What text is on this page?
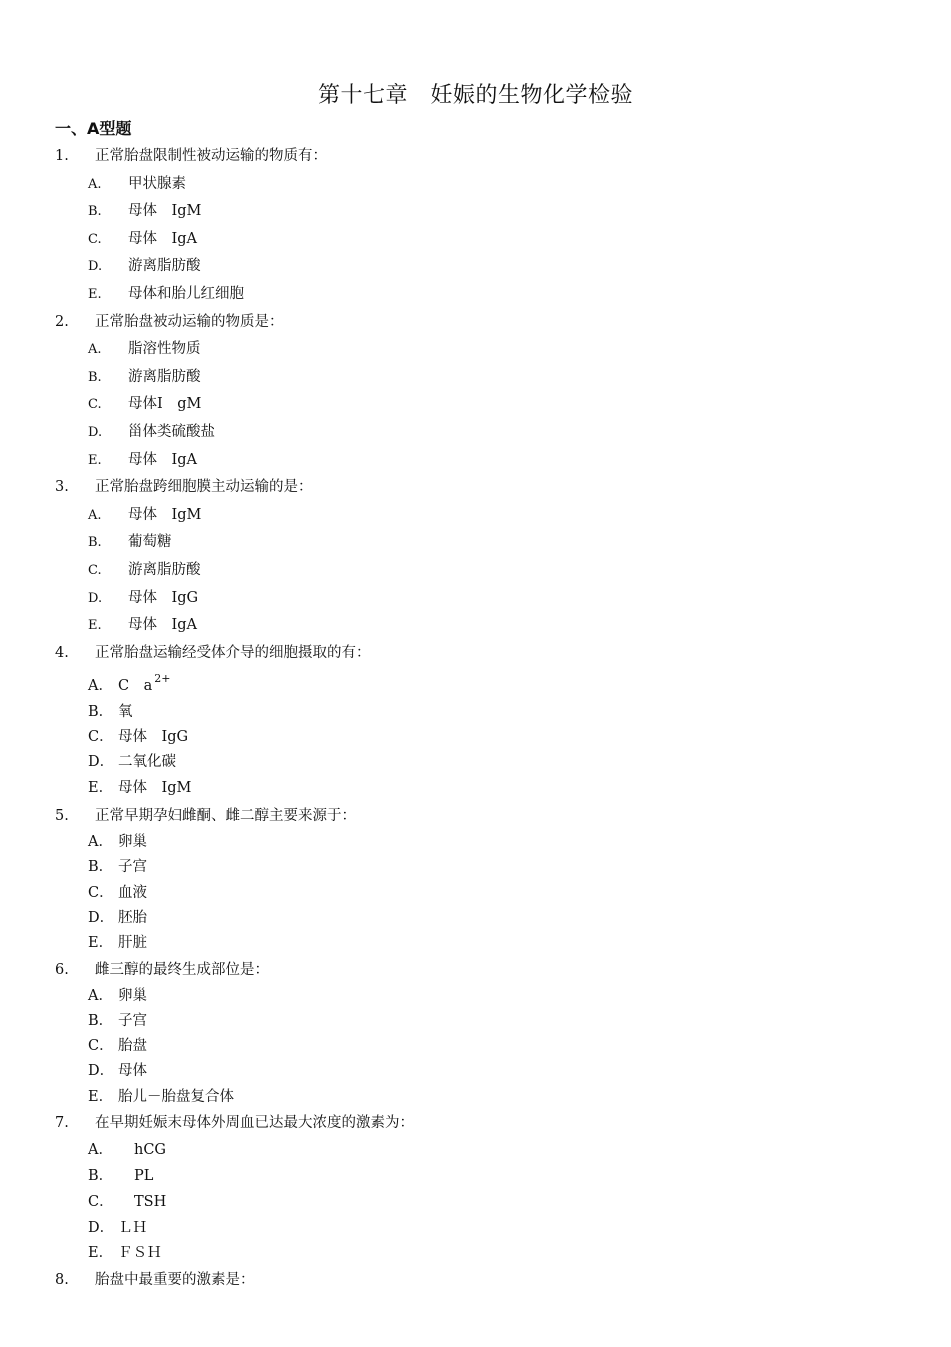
第十七章　妊娠的生物化学检验
一、A型题
1. 正常胎盘限制性被动运输的物质有：
A. 甲状腺素
B. 母体　IgM
C. 母体　IgA
D. 游离脂肪酸
E. 母体和胎儿红细胞
2. 正常胎盘被动运输的物质是：
A. 脂溶性物质
B. 游离脂肪酸
C. 母体I　gM
D. 甾体类硫酸盐
E. 母体　IgA
3. 正常胎盘跨细胞膜主动运输的是：
A. 母体　IgM
B. 葡萄糖
C. 游离脂肪酸
D. 母体　IgG
E. 母体　IgA
4. 正常胎盘运输经受体介导的细胞摄取的有：
A． C　a $^{2+}$
B． 氧
C． 母体　IgG
D． 二氧化碳
E． 母体　IgM
5. 正常早期孕妇雌酮、雌二醇主要来源于：
A． 卵巢
B． 子宫
C． 血液
D． 胚胎
E． 肝脏
6. 雌三醇的最终生成部位是：
A． 卵巢
B． 子宫
C． 胎盘
D． 母体
E． 胎儿－胎盘复合体
7. 在早期妊娠末母体外周血已达最大浓度的激素为：
A． hCG
B． PL
C． TSH
D． ＬＨ
E． ＦＳＨ
8. 胎盘中最重要的激素是：
